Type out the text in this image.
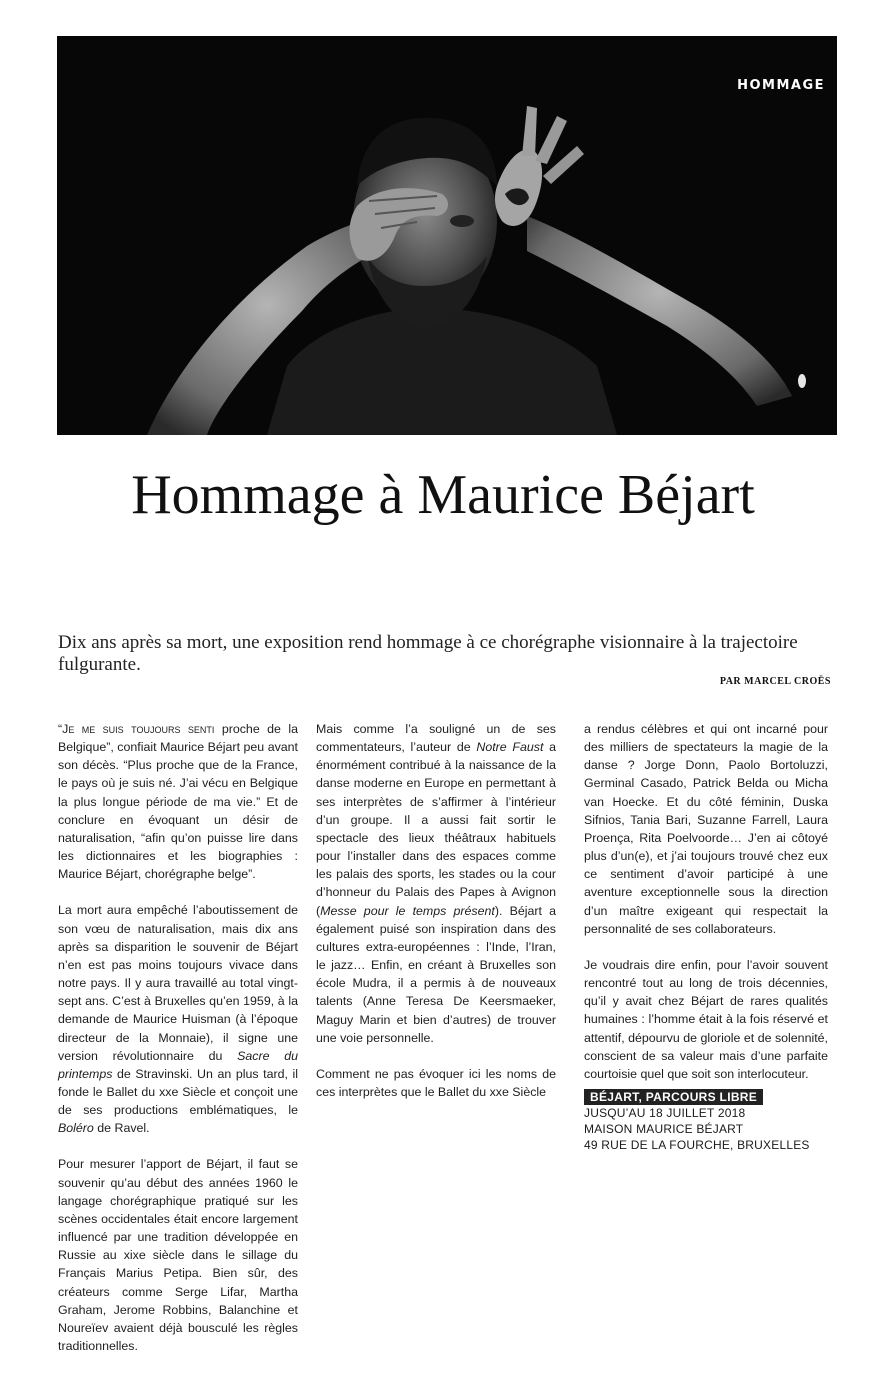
HOMMAGE
Hommage à Maurice Béjart

Dix ans après sa mort, une exposition rend hommage à ce chorégraphe visionnaire à la trajectoire fulgurante.

PAR MARCEL CROËS

“Je me suis toujours senti proche de la Belgique”, confiait Maurice Béjart peu avant son décès. “Plus proche que de la France, le pays où je suis né. J’ai vécu en Belgique la plus longue période de ma vie.” Et de conclure en évoquant un désir de naturalisation, “afin qu’on puisse lire dans les dictionnaires et les biographies : Maurice Béjart, chorégraphe belge”.

La mort aura empêché l’aboutissement de son vœu de naturalisation, mais dix ans après sa disparition le souvenir de Béjart n’en est pas moins toujours vivace dans notre pays. Il y aura travaillé au total vingt-sept ans. C’est à Bruxelles qu’en 1959, à la demande de Maurice Huisman (à l’époque directeur de la Monnaie), il signe une version révolutionnaire du Sacre du printemps de Stravinski. Un an plus tard, il fonde le Ballet du xxe Siècle et conçoit une de ses productions emblématiques, le Boléro de Ravel.

Pour mesurer l’apport de Béjart, il faut se souvenir qu’au début des années 1960 le langage chorégraphique pratiqué sur les scènes occidentales était encore largement influencé par une tradition développée en Russie au xixe siècle dans le sillage du Français Marius Petipa. Bien sûr, des créateurs comme Serge Lifar, Martha Graham, Jerome Robbins, Balanchine et Noureïev avaient déjà bousculé les règles traditionnelles.

Mais comme l’a souligné un de ses commentateurs, l’auteur de Notre Faust a énormément contribué à la naissance de la danse moderne en Europe en permettant à ses interprètes de s’affirmer à l’intérieur d’un groupe. Il a aussi fait sortir le spectacle des lieux théâtraux habituels pour l’installer dans des espaces comme les palais des sports, les stades ou la cour d’honneur du Palais des Papes à Avignon (Messe pour le temps présent). Béjart a également puisé son inspiration dans des cultures extra-européennes : l’Inde, l’Iran, le jazz… Enfin, en créant à Bruxelles son école Mudra, il a permis à de nouveaux talents (Anne Teresa De Keersmaeker, Maguy Marin et bien d’autres) de trouver une voie personnelle.

Comment ne pas évoquer ici les noms de ces interprètes que le Ballet du xxe Siècle

a rendus célèbres et qui ont incarné pour des milliers de spectateurs la magie de la danse ? Jorge Donn, Paolo Bortoluzzi, Germinal Casado, Patrick Belda ou Micha van Hoecke. Et du côté féminin, Duska Sifnios, Tania Bari, Suzanne Farrell, Laura Proença, Rita Poelvoorde… J’en ai côtoyé plus d’un(e), et j’ai toujours trouvé chez eux ce sentiment d’avoir participé à une aventure exceptionnelle sous la direction d’un maître exigeant qui respectait la personnalité de ses collaborateurs.

Je voudrais dire enfin, pour l’avoir souvent rencontré tout au long de trois décennies, qu’il y avait chez Béjart de rares qualités humaines : l’homme était à la fois réservé et attentif, dépourvu de gloriole et de solennité, conscient de sa valeur mais d’une parfaite courtoisie quel que soit son interlocuteur.

BÉJART, PARCOURS LIBRE
JUSQU’AU 18 JUILLET 2018
MAISON MAURICE BÉJART
49 RUE DE LA FOURCHE, BRUXELLES
